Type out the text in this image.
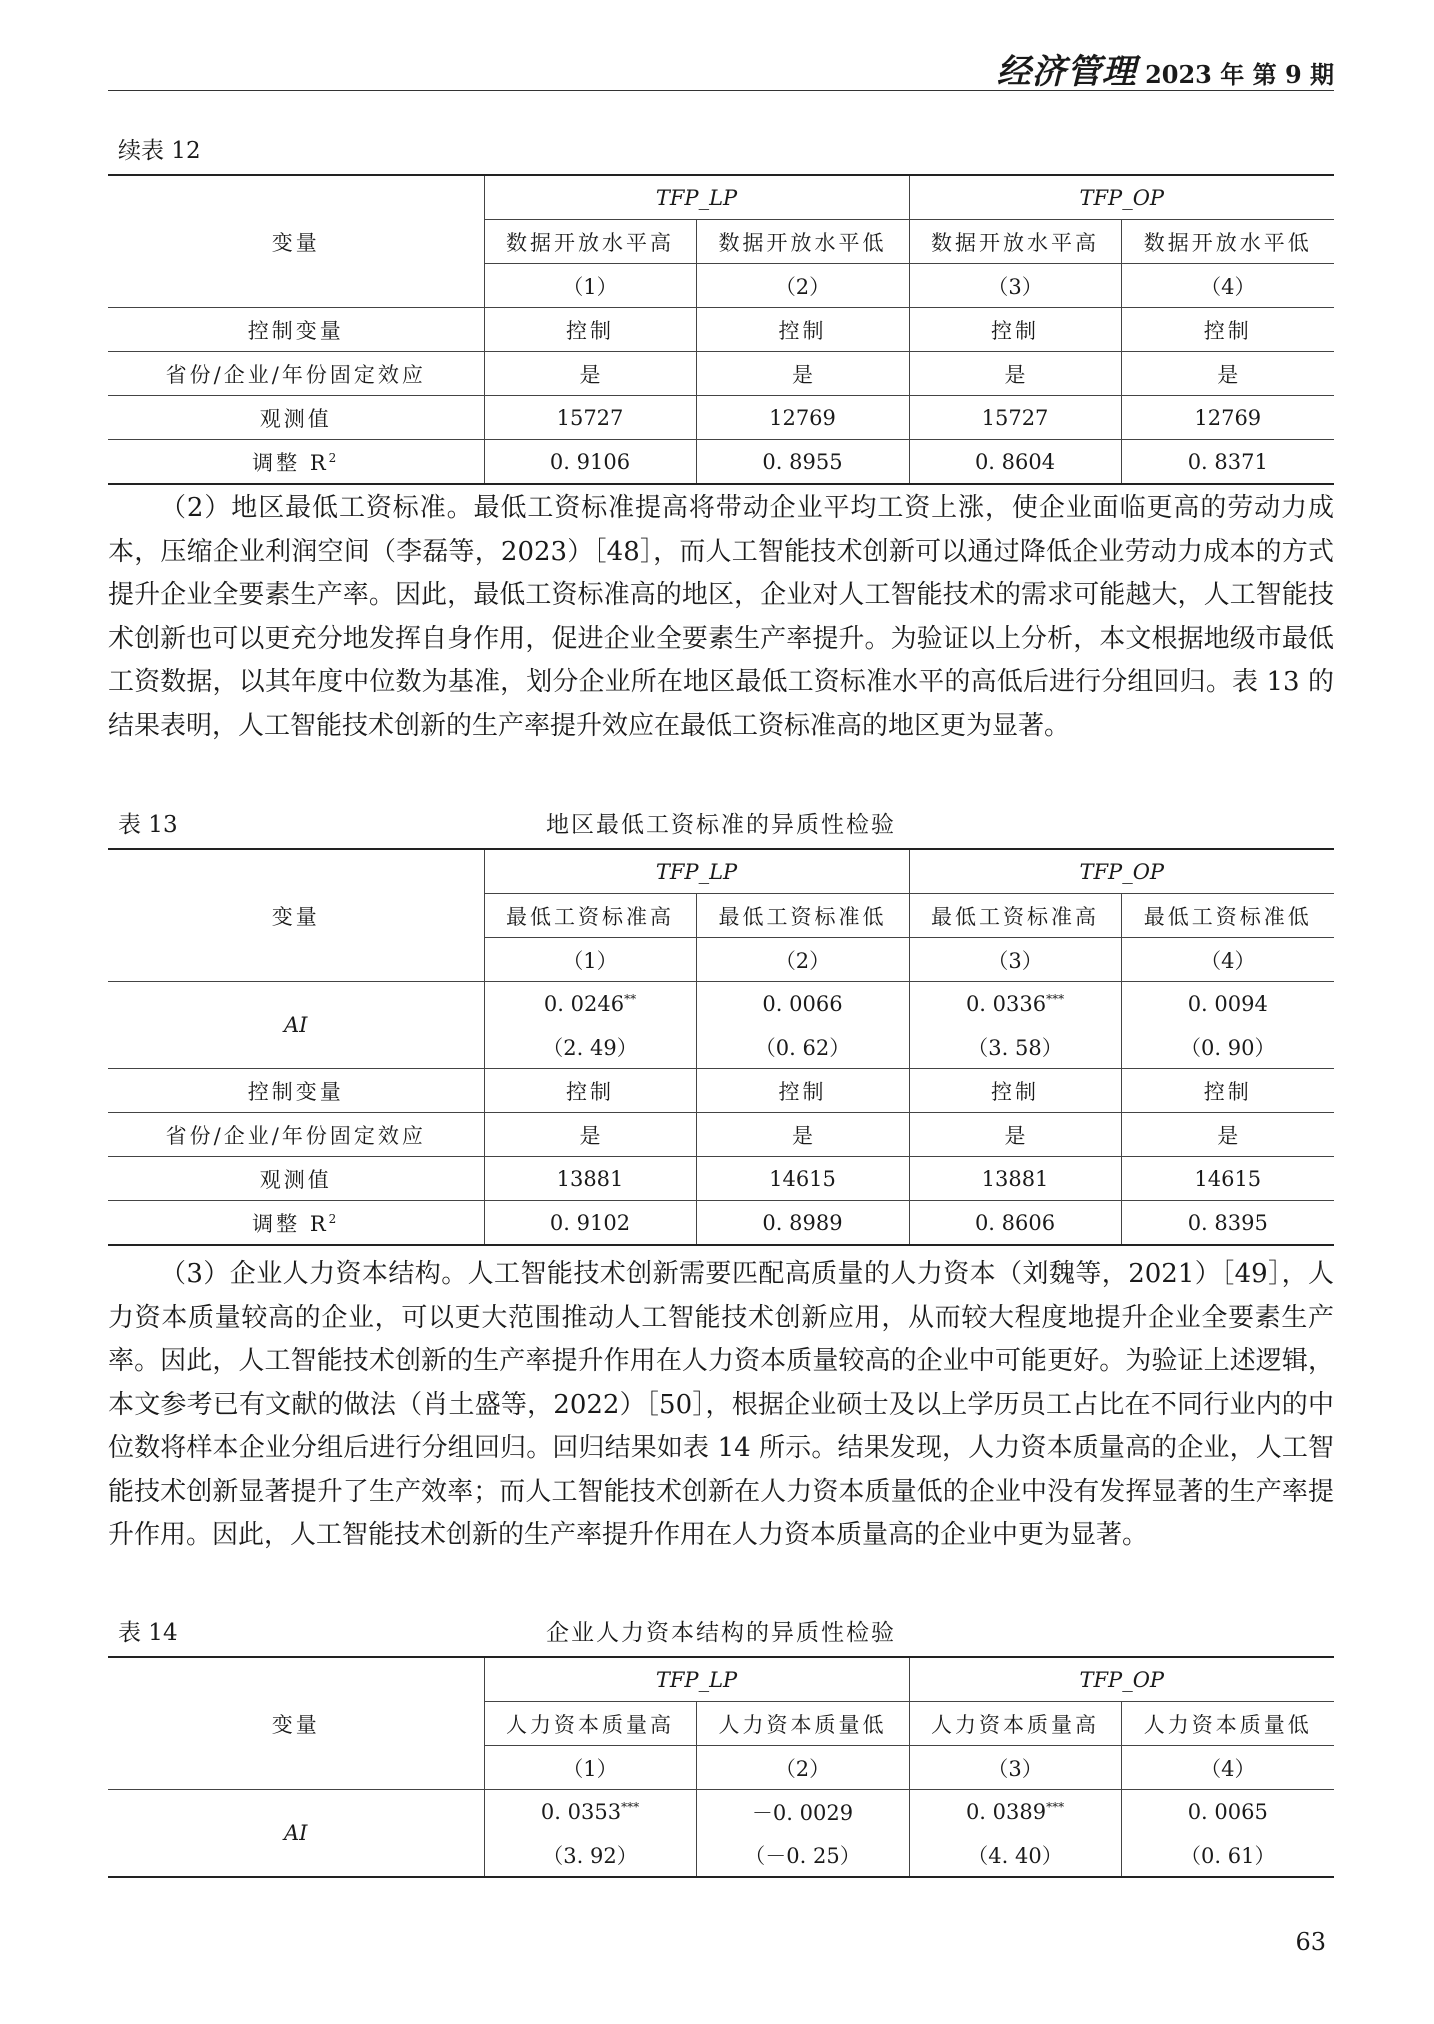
经济管理 2023 年 第 9 期
续表 12
变量	TFP_LP		TFP_OP	
	数据开放水平高	数据开放水平低	数据开放水平高	数据开放水平低
	（1）	（2）	（3）	（4）
控制变量	控制	控制	控制	控制
省份/企业/年份固定效应	是	是	是	是
观测值	15727	12769	15727	12769
调整 $R^2$	0. 9106	0. 8955	0. 8604	0. 8371

（2）地区最低工资标准。最低工资标准提高将带动企业平均工资上涨，使企业面临更高的劳动力成本，压缩企业利润空间（李磊等，2023）［48］，而人工智能技术创新可以通过降低企业劳动力成本的方式提升企业全要素生产率。因此，最低工资标准高的地区，企业对人工智能技术的需求可能越大，人工智能技术创新也可以更充分地发挥自身作用，促进企业全要素生产率提升。为验证以上分析，本文根据地级市最低工资数据，以其年度中位数为基准，划分企业所在地区最低工资标准水平的高低后进行分组回归。表 13 的结果表明，人工智能技术创新的生产率提升效应在最低工资标准高的地区更为显著。

表 13	地区最低工资标准的异质性检验
变量	TFP_LP		TFP_OP	
	最低工资标准高	最低工资标准低	最低工资标准高	最低工资标准低
	（1）	（2）	（3）	（4）
AI	0. 0246**	0. 0066	0. 0336***	0. 0094
	（2. 49）	（0. 62）	（3. 58）	（0. 90）
控制变量	控制	控制	控制	控制
省份/企业/年份固定效应	是	是	是	是
观测值	13881	14615	13881	14615
调整 $R^2$	0. 9102	0. 8989	0. 8606	0. 8395

（3）企业人力资本结构。人工智能技术创新需要匹配高质量的人力资本（刘魏等，2021）［49］，人力资本质量较高的企业，可以更大范围推动人工智能技术创新应用，从而较大程度地提升企业全要素生产率。因此，人工智能技术创新的生产率提升作用在人力资本质量较高的企业中可能更好。为验证上述逻辑，本文参考已有文献的做法（肖土盛等，2022）［50］，根据企业硕士及以上学历员工占比在不同行业内的中位数将样本企业分组后进行分组回归。回归结果如表 14 所示。结果发现，人力资本质量高的企业，人工智能技术创新显著提升了生产效率；而人工智能技术创新在人力资本质量低的企业中没有发挥显著的生产率提升作用。因此，人工智能技术创新的生产率提升作用在人力资本质量高的企业中更为显著。

表 14	企业人力资本结构的异质性检验
变量	TFP_LP		TFP_OP	
	人力资本质量高	人力资本质量低	人力资本质量高	人力资本质量低
	（1）	（2）	（3）	（4）
AI	0. 0353***	－0. 0029	0. 0389***	0. 0065
	（3. 92）	（－0. 25）	（4. 40）	（0. 61）
63
